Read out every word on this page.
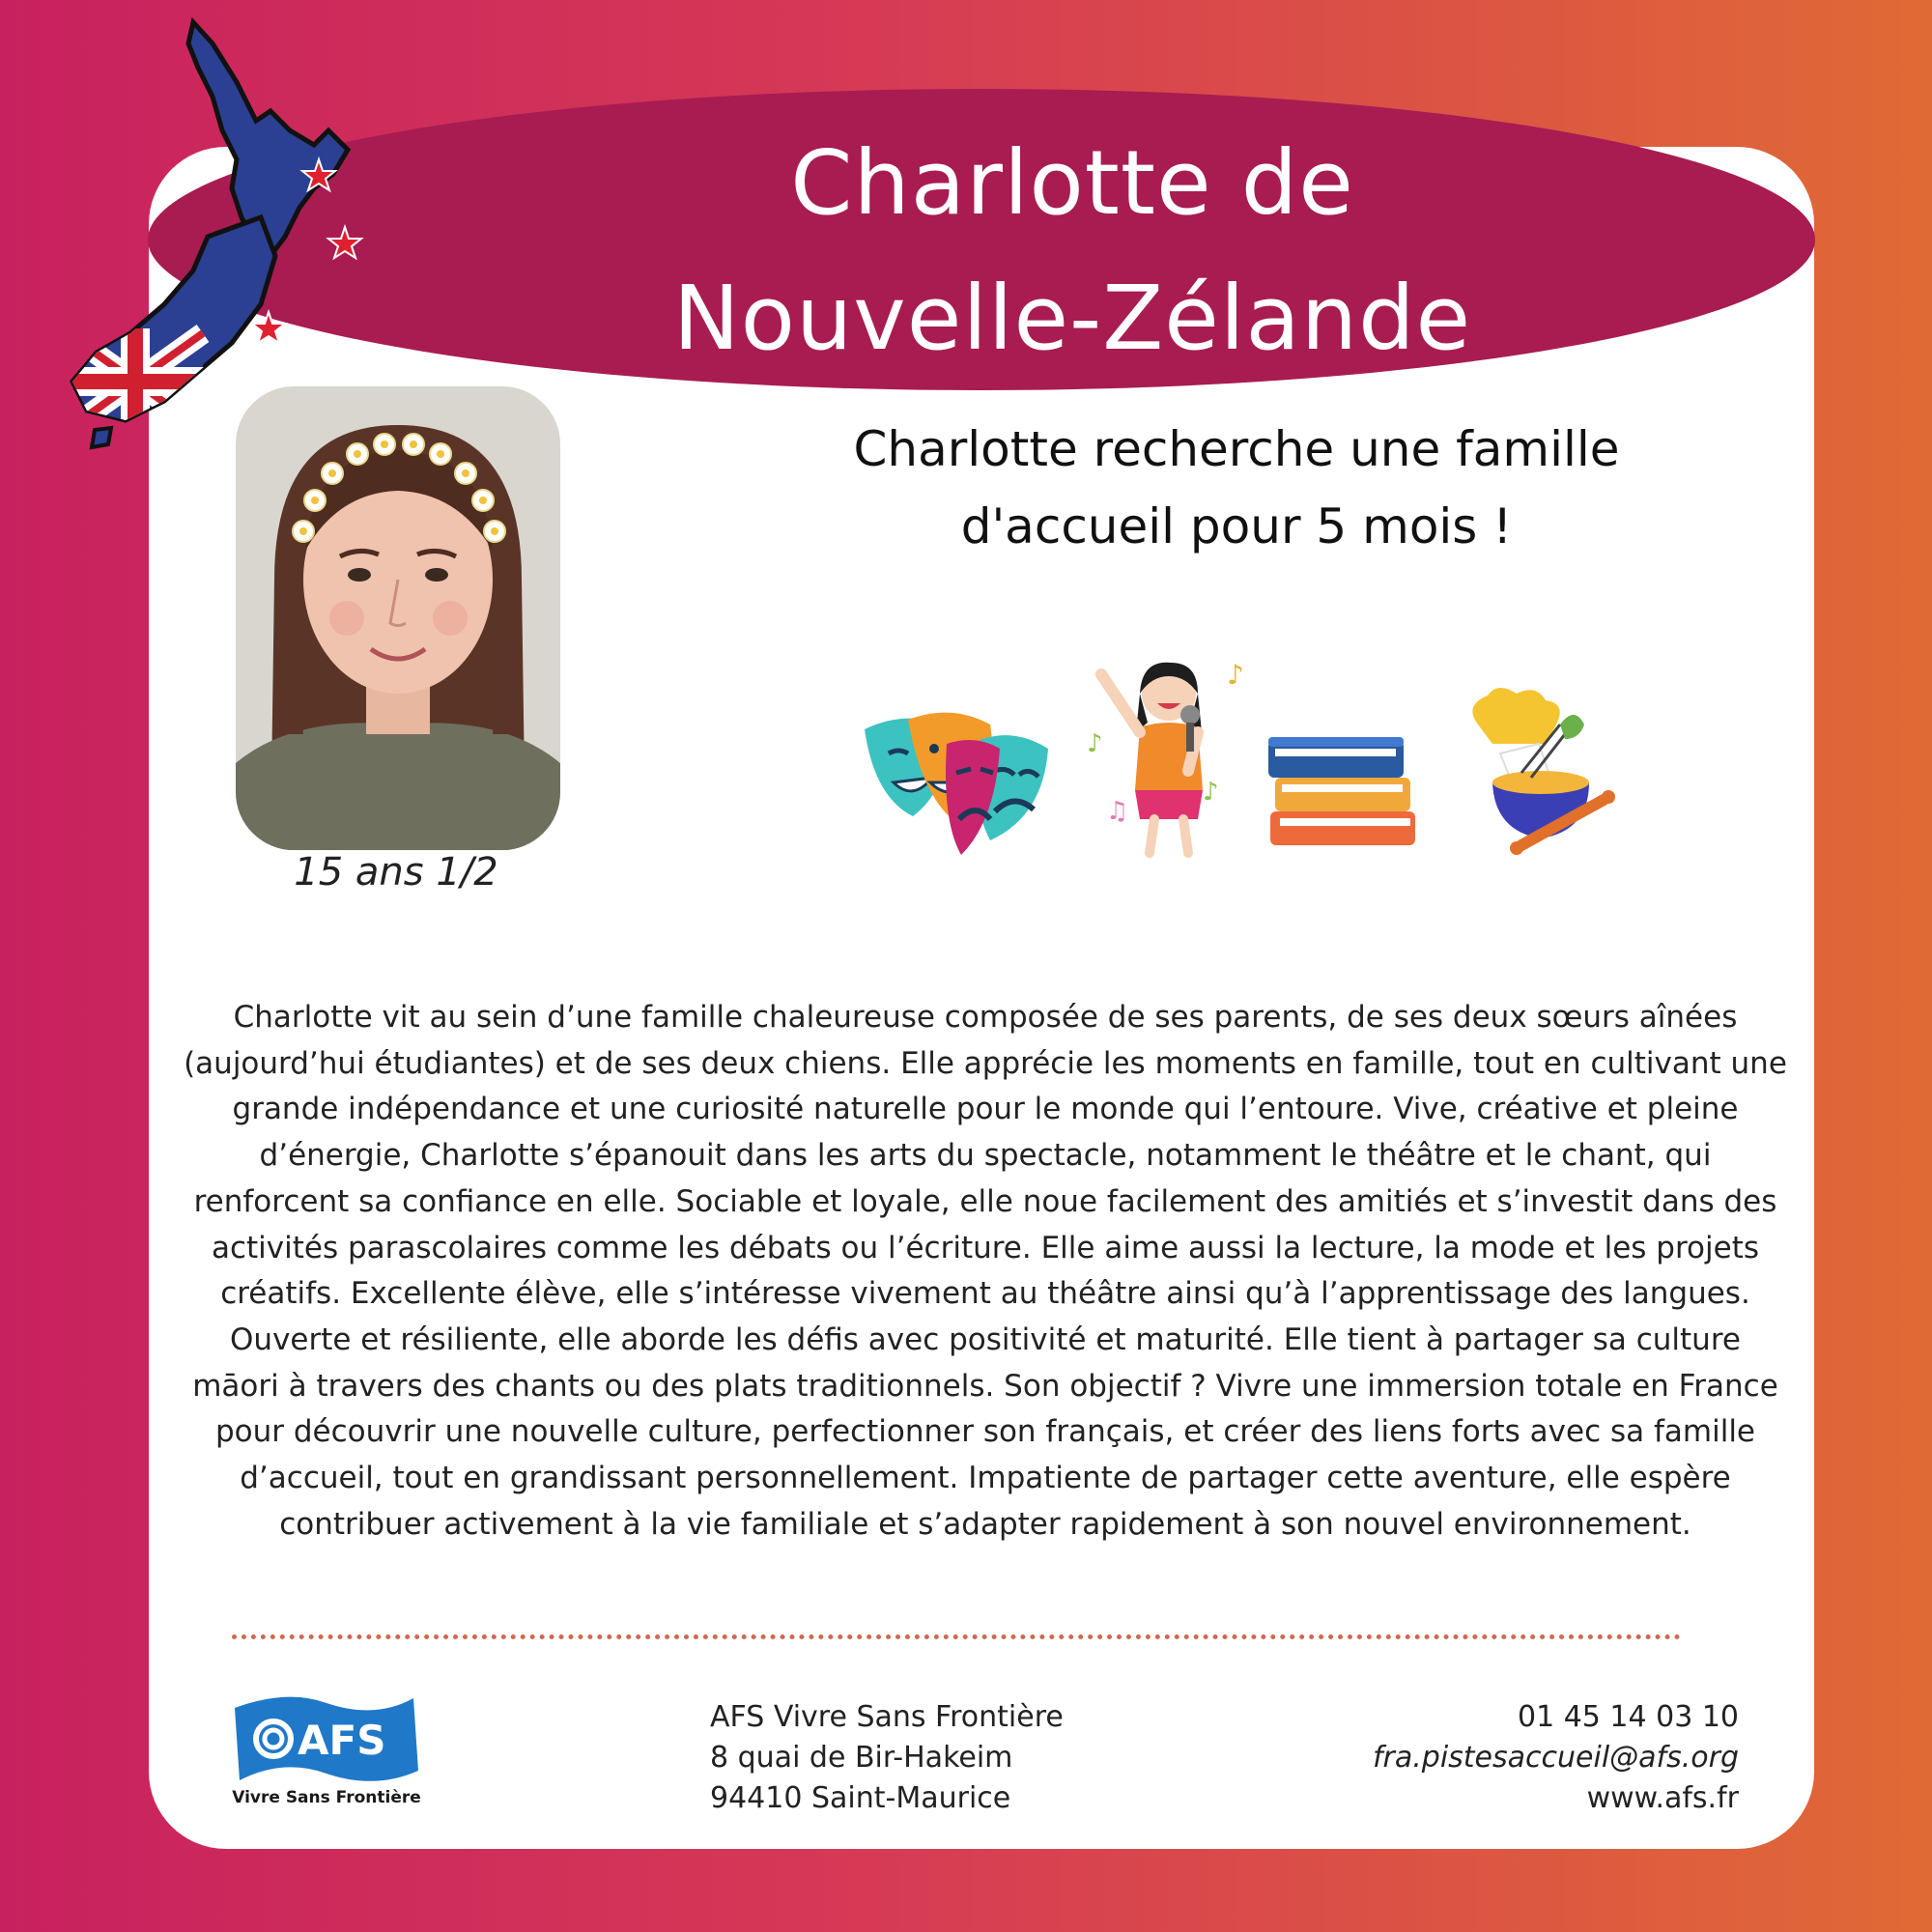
Charlotte de
Nouvelle-Zélande
15 ans 1/2
Charlotte recherche une famille
d'accueil pour 5 mois !
♪
♪
♪
♫

Charlotte vit au sein d’une famille chaleureuse composée de ses parents, de ses deux sœurs aînées (aujourd’hui étudiantes) et de ses deux chiens. Elle apprécie les moments en famille, tout en cultivant une grande indépendance et une curiosité naturelle pour le monde qui l’entoure. Vive, créative et pleine d’énergie, Charlotte s’épanouit dans les arts du spectacle, notamment le théâtre et le chant, qui renforcent sa confiance en elle. Sociable et loyale, elle noue facilement des amitiés et s’investit dans des activités parascolaires comme les débats ou l’écriture. Elle aime aussi la lecture, la mode et les projets créatifs. Excellente élève, elle s’intéresse vivement au théâtre ainsi qu’à l’apprentissage des langues. Ouverte et résiliente, elle aborde les défis avec positivité et maturité. Elle tient à partager sa culture māori à travers des chants ou des plats traditionnels. Son objectif ? Vivre une immersion totale en France pour découvrir une nouvelle culture, perfectionner son français, et créer des liens forts avec sa famille d’accueil, tout en grandissant personnellement. Impatiente de partager cette aventure, elle espère contribuer activement à la vie familiale et s’adapter rapidement à son nouvel environnement.

AFS
Vivre Sans Frontière
AFS Vivre Sans Frontière
8 quai de Bir-Hakeim
94410 Saint-Maurice
01 45 14 03 10
fra.pistesaccueil@afs.org
www.afs.fr
